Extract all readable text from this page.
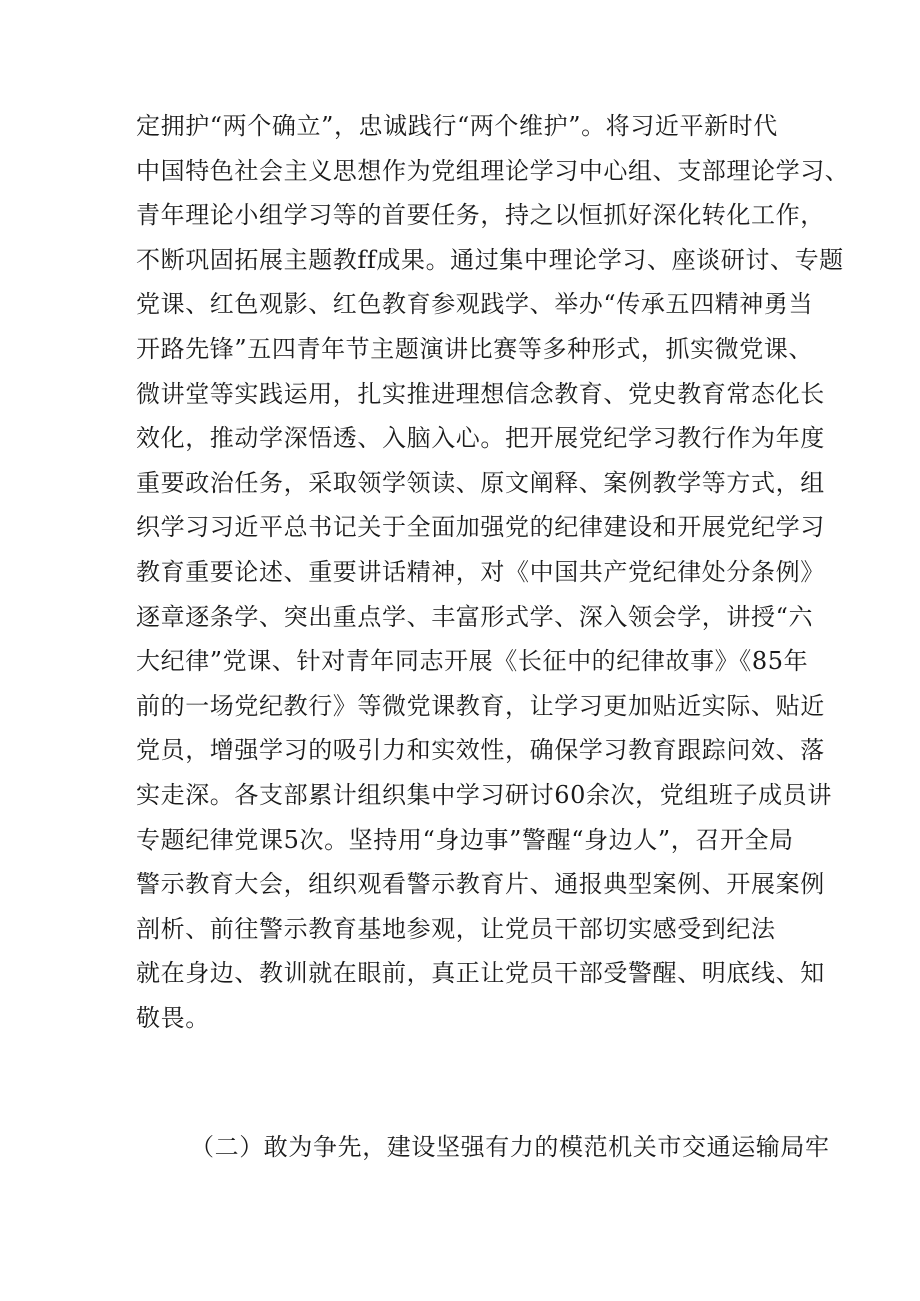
定拥护“两个确立”，忠诚践行“两个维护”。将习近平新时代
中国特色社会主义思想作为党组理论学习中心组、支部理论学习、
青年理论小组学习等的首要任务，持之以恒抓好深化转化工作，
不断巩固拓展主题教ff成果。通过集中理论学习、座谈研讨、专题
党课、红色观影、红色教育参观践学、举办“传承五四精神勇当
开路先锋”五四青年节主题演讲比赛等多种形式，抓实微党课、
微讲堂等实践运用，扎实推进理想信念教育、党史教育常态化长
效化，推动学深悟透、入脑入心。把开展党纪学习教行作为年度
重要政治任务，采取领学领读、原文阐释、案例教学等方式，组
织学习习近平总书记关于全面加强党的纪律建设和开展党纪学习
教育重要论述、重要讲话精神，对《中国共产党纪律处分条例》
逐章逐条学、突出重点学、丰富形式学、深入领会学，讲授“六
大纪律”党课、针对青年同志开展《长征中的纪律故事》《85年
前的一场党纪教行》等微党课教育，让学习更加贴近实际、贴近
党员，增强学习的吸引力和实效性，确保学习教育跟踪问效、落
实走深。各支部累计组织集中学习研讨60余次，党组班子成员讲
专题纪律党课5次。坚持用“身边事”警醒“身边人”，召开全局
警示教育大会，组织观看警示教育片、通报典型案例、开展案例
剖析、前往警示教育基地参观，让党员干部切实感受到纪法
就在身边、教训就在眼前，真正让党员干部受警醒、明底线、知
敬畏。
（二）敢为争先，建设坚强有力的模范机关市交通运输局牢
